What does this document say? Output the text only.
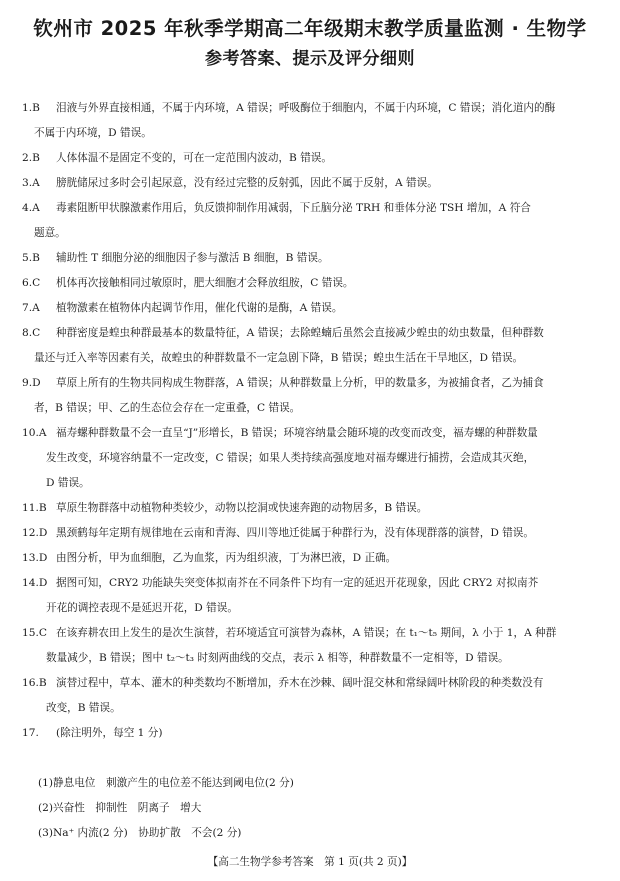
钦州市 2025 年秋季学期高二年级期末教学质量监测 · 生物学
参考答案、提示及评分细则
1.B 泪液与外界直接相通，不属于内环境，A 错误；呼吸酶位于细胞内，不属于内环境，C 错误；消化道内的酶
不属于内环境，D 错误。
2.B 人体体温不是固定不变的，可在一定范围内波动，B 错误。
3.A 膀胱储尿过多时会引起尿意，没有经过完整的反射弧，因此不属于反射，A 错误。
4.A 毒素阻断甲状腺激素作用后，负反馈抑制作用减弱，下丘脑分泌 TRH 和垂体分泌 TSH 增加，A 符合
题意。
5.B 辅助性 T 细胞分泌的细胞因子参与激活 B 细胞，B 错误。
6.C 机体再次接触相同过敏原时，肥大细胞才会释放组胺，C 错误。
7.A 植物激素在植物体内起调节作用，催化代谢的是酶，A 错误。
8.C 种群密度是蝗虫种群最基本的数量特征，A 错误；去除蝗蝻后虽然会直接减少蝗虫的幼虫数量，但种群数
量还与迁入率等因素有关，故蝗虫的种群数量不一定急剧下降，B 错误；蝗虫生活在干旱地区，D 错误。
9.D 草原上所有的生物共同构成生物群落，A 错误；从种群数量上分析，甲的数量多，为被捕食者，乙为捕食
者，B 错误；甲、乙的生态位会存在一定重叠，C 错误。
10.A 福寿螺种群数量不会一直呈“J”形增长，B 错误；环境容纳量会随环境的改变而改变，福寿螺的种群数量
发生改变，环境容纳量不一定改变，C 错误；如果人类持续高强度地对福寿螺进行捕捞，会造成其灭绝，
D 错误。
11.B 草原生物群落中动植物种类较少，动物以挖洞或快速奔跑的动物居多，B 错误。
12.D 黑颈鹤每年定期有规律地在云南和青海、四川等地迁徙属于种群行为，没有体现群落的演替，D 错误。
13.D 由图分析，甲为血细胞，乙为血浆，丙为组织液，丁为淋巴液，D 正确。
14.D 据图可知，CRY2 功能缺失突变体拟南芥在不同条件下均有一定的延迟开花现象，因此 CRY2 对拟南芥
开花的调控表现不是延迟开花，D 错误。
15.C 在该弃耕农田上发生的是次生演替，若环境适宜可演替为森林，A 错误；在 t₁～t₅ 期间，λ 小于 1，A 种群
数量减少，B 错误；图中 t₂～t₃ 时刻两曲线的交点，表示 λ 相等，种群数量不一定相等，D 错误。
16.B 演替过程中，草本、灌木的种类数均不断增加，乔木在沙棘、阔叶混交林和常绿阔叶林阶段的种类数没有
改变，B 错误。
17. (除注明外，每空 1 分)
(1)静息电位　刺激产生的电位差不能达到阈电位(2 分)
(2)兴奋性　抑制性　阴离子　增大
(3)Na⁺ 内流(2 分)　协助扩散　不会(2 分)
【高二生物学参考答案　第 1 页(共 2 页)】
